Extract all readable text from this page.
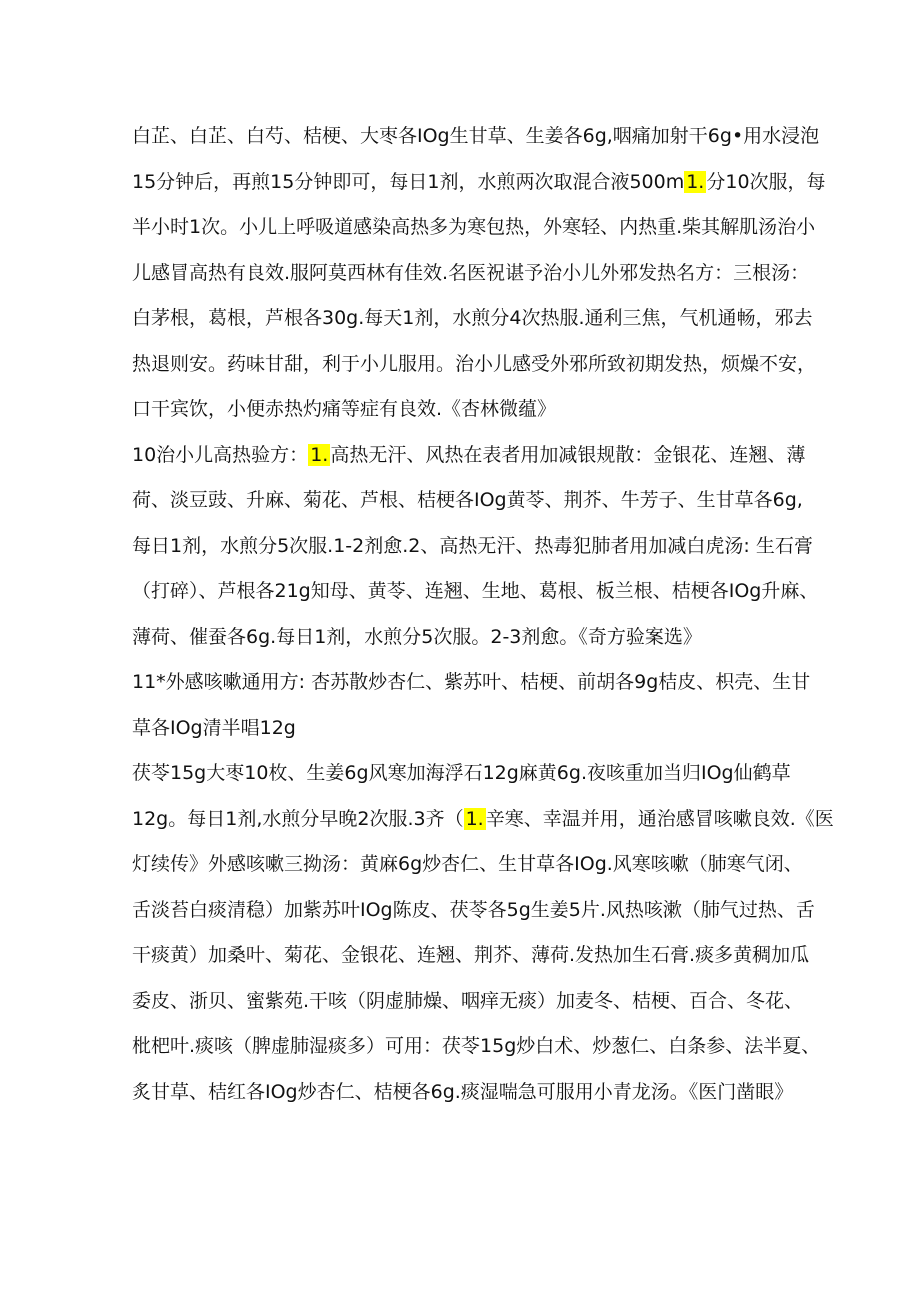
白芷、白芷、白芍、桔梗、大枣各IOg生甘草、生姜各6g,咽痛加射干6g•用水浸泡
15分钟后，再煎15分钟即可，每日1剂，水煎两次取混合液500m 1. 分10次服，每
半小时1次。小儿上呼吸道感染高热多为寒包热，外寒轻、内热重.柴其解肌汤治小
儿感冒高热有良效.服阿莫西林有佳效.名医祝谌予治小儿外邪发热名方：三根汤：
白茅根，葛根，芦根各30g.每天1剂，水煎分4次热服.通利三焦，气机通畅，邪去
热退则安。药味甘甜，利于小儿服用。治小儿感受外邪所致初期发热，烦燥不安，
口干宾饮，小便赤热灼痛等症有良效.《杏林微蕴》
10治小儿高热验方： 1. 高热无汗、风热在表者用加减银规散：金银花、连翘、薄
荷、淡豆豉、升麻、菊花、芦根、桔梗各IOg黄苓、荆芥、牛芳子、生甘草各6g,
每日1剂，水煎分5次服.1-2剂愈.2、高热无汗、热毒犯肺者用加减白虎汤: 生石膏
（打碎）、芦根各21g知母、黄苓、连翘、生地、葛根、板兰根、桔梗各IOg升麻、
薄荷、催蚕各6g.每日1剂，水煎分5次服。2-3剂愈。《奇方验案选》
11*外感咳嗽通用方: 杏苏散炒杏仁、紫苏叶、桔梗、前胡各9g桔皮、枳壳、生甘
草各IOg清半唱12g
茯苓15g大枣10枚、生姜6g风寒加海浮石12g麻黄6g.夜咳重加当归IOg仙鹤草
12g。每日1剂,水煎分早晚2次服.3齐（ 1. 辛寒、幸温并用，通治感冒咳嗽良效.《医
灯续传》外感咳嗽三拗汤：黄麻6g炒杏仁、生甘草各IOg.风寒咳嗽（肺寒气闭、
舌淡苔白痰清稳）加紫苏叶IOg陈皮、茯苓各5g生姜5片.风热咳漱（肺气过热、舌
干痰黄）加桑叶、菊花、金银花、连翘、荆芥、薄荷.发热加生石膏.痰多黄稠加瓜
委皮、浙贝、蜜紫苑.干咳（阴虚肺燥、咽痒无痰）加麦冬、桔梗、百合、冬花、
枇杷叶.痰咳（脾虚肺湿痰多）可用：茯苓15g炒白术、炒葱仁、白条参、法半夏、
炙甘草、桔红各IOg炒杏仁、桔梗各6g.痰湿喘急可服用小青龙汤。《医门凿眼》
